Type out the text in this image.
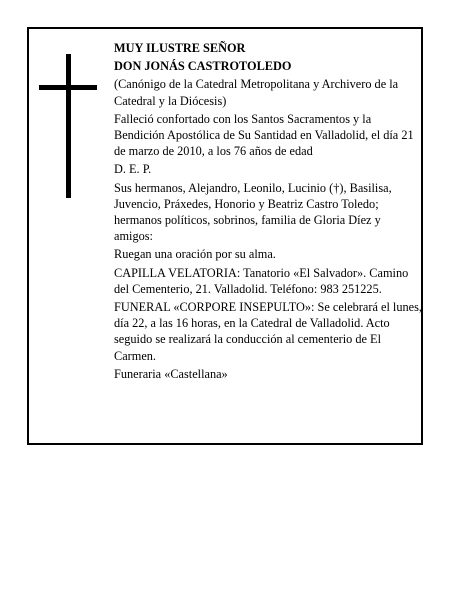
MUY ILUSTRE SEÑOR

DON JONÁS CASTROTOLEDO

(Canónigo de la Catedral Metropolitana y Archivero de la Catedral y la Diócesis)

Falleció confortado con los Santos Sacramentos y la Bendición Apostólica de Su Santidad en Valladolid, el día 21 de marzo de 2010, a los 76 años de edad

D. E. P.

Sus hermanos, Alejandro, Leonilo, Lucinio (†), Basilisa, Juvencio, Práxedes, Honorio y Beatriz Castro Toledo; hermanos políticos, sobrinos, familia de Gloria Díez y amigos:

Ruegan una oración por su alma.

CAPILLA VELATORIA: Tanatorio «El Salvador». Camino del Cementerio, 21. Valladolid. Teléfono: 983 251225.

FUNERAL «CORPORE INSEPULTO»: Se celebrará el lunes, día 22, a las 16 horas, en la Catedral de Valladolid. Acto seguido se realizará la conducción al cementerio de El Carmen.

Funeraria «Castellana»
